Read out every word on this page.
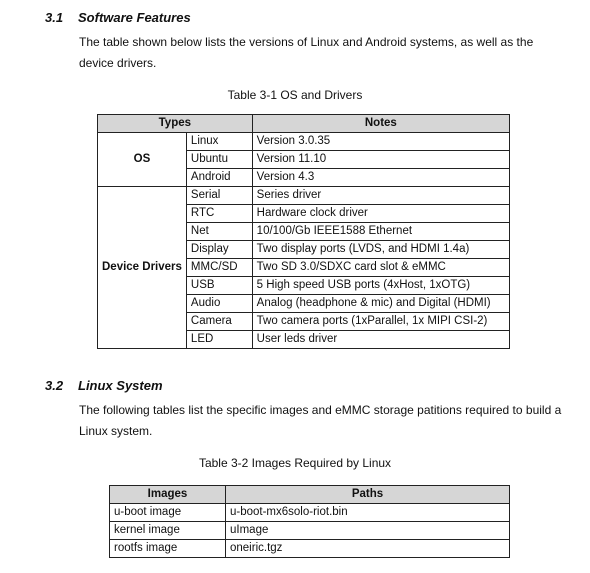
3.1 Software Features
The table shown below lists the versions of Linux and Android systems, as well as the device drivers.
Table 3-1 OS and Drivers
Types		Notes
OS	Linux	Version 3.0.35
	Ubuntu	Version 11.10
	Android	Version 4.3
Device Drivers	Serial	Series driver
	RTC	Hardware clock driver
	Net	10/100/Gb IEEE1588 Ethernet
	Display	Two display ports (LVDS, and HDMI 1.4a)
	MMC/SD	Two SD 3.0/SDXC card slot & eMMC
	USB	5 High speed USB ports (4xHost, 1xOTG)
	Audio	Analog (headphone & mic) and Digital (HDMI)
	Camera	Two camera ports (1xParallel, 1x MIPI CSI-2)
	LED	User leds driver
3.2 Linux System
The following tables list the specific images and eMMC storage patitions required to build a Linux system.
Table 3-2 Images Required by Linux
Images	Paths
u-boot image	u-boot-mx6solo-riot.bin
kernel image	uImage
rootfs image	oneiric.tgz
